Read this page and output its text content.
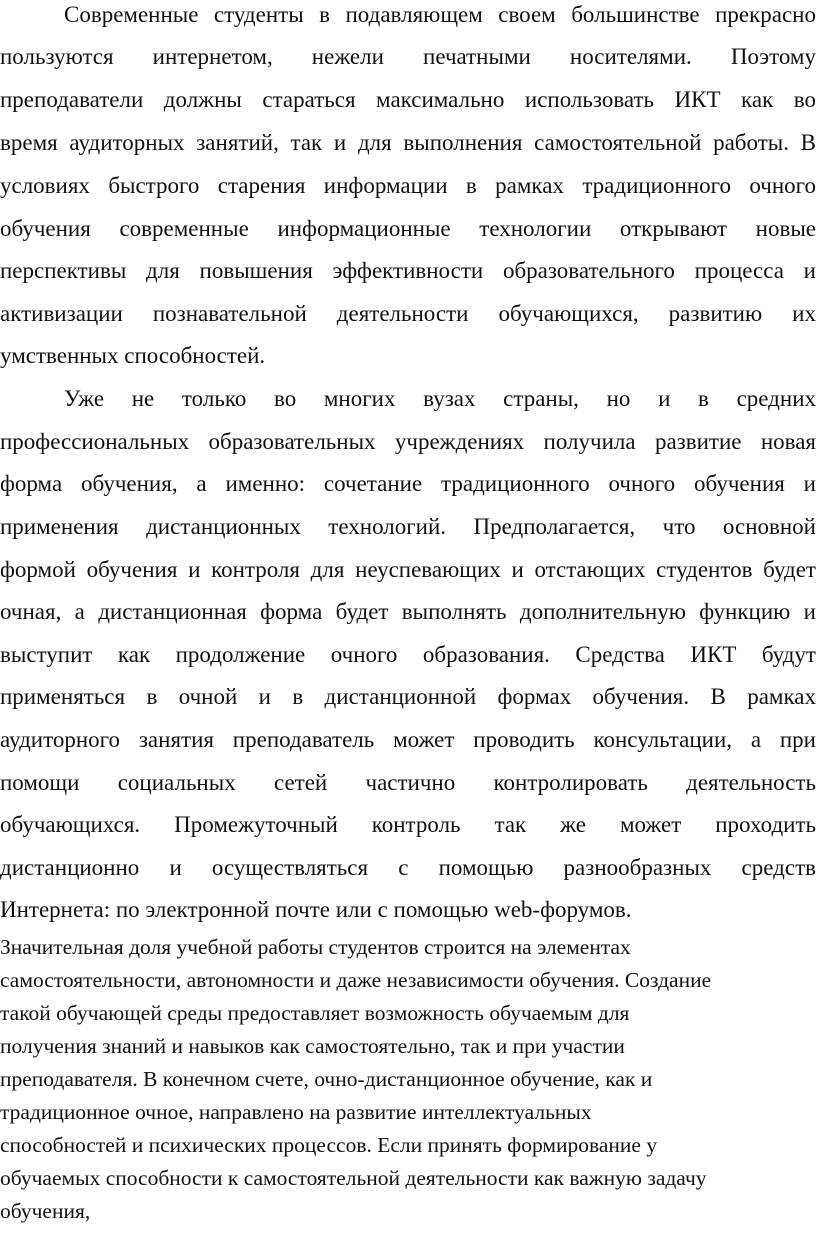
Современные студенты в подавляющем своем большинстве прекрасно

пользуются интернетом, нежели печатными носителями. Поэтому

преподаватели должны стараться максимально использовать ИКТ как во

время аудиторных занятий, так и для выполнения самостоятельной работы. В

условиях быстрого старения информации в рамках традиционного очного

обучения современные информационные технологии открывают новые

перспективы для повышения эффективности образовательного процесса и

активизации познавательной деятельности обучающихся, развитию их

умственных способностей.

Уже не только во многих вузах страны, но и в средних

профессиональных образовательных учреждениях получила развитие новая

форма обучения, а именно: сочетание традиционного очного обучения и

применения дистанционных технологий. Предполагается, что основной

формой обучения и контроля для неуспевающих и отстающих студентов будет

очная, а дистанционная форма будет выполнять дополнительную функцию и

выступит как продолжение очного образования. Средства ИКТ будут

применяться в очной и в дистанционной формах обучения. В рамках

аудиторного занятия преподаватель может проводить консультации, а при

помощи социальных сетей частично контролировать деятельность

обучающихся. Промежуточный контроль так же может проходить

дистанционно и осуществляться с помощью разнообразных средств

Интернета: по электронной почте или с помощью web-форумов.

Значительная доля учебной работы студентов строится на элементах

самостоятельности, автономности и даже независимости обучения. Создание

такой обучающей среды предоставляет возможность обучаемым для

получения знаний и навыков как самостоятельно, так и при участии

преподавателя. В конечном счете, очно-дистанционное обучение, как и

традиционное очное, направлено на развитие интеллектуальных

способностей и психических процессов. Если принять формирование у

обучаемых способности к самостоятельной деятельности как важную задачу

обучения,
